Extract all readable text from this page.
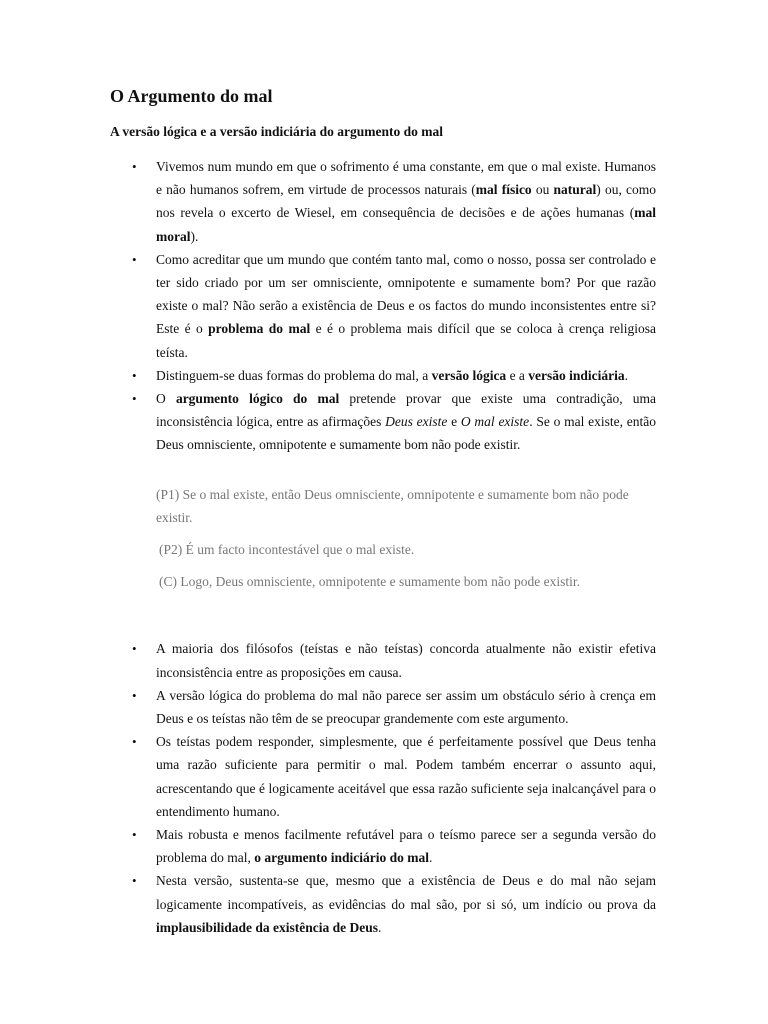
O Argumento do mal
A versão lógica e a versão indiciária do argumento do mal
• Vivemos num mundo em que o sofrimento é uma constante, em que o mal existe. Humanos e não humanos sofrem, em virtude de processos naturais (mal físico ou natural) ou, como nos revela o excerto de Wiesel, em consequência de decisões e de ações humanas (mal moral).
• Como acreditar que um mundo que contém tanto mal, como o nosso, possa ser controlado e ter sido criado por um ser omnisciente, omnipotente e sumamente bom? Por que razão existe o mal? Não serão a existência de Deus e os factos do mundo inconsistentes entre si? Este é o problema do mal e é o problema mais difícil que se coloca à crença religiosa teísta.
• Distinguem-se duas formas do problema do mal, a versão lógica e a versão indiciária.
• O argumento lógico do mal pretende provar que existe uma contradição, uma inconsistência lógica, entre as afirmações Deus existe e O mal existe. Se o mal existe, então Deus omnisciente, omnipotente e sumamente bom não pode existir.

(P1) Se o mal existe, então Deus omnisciente, omnipotente e sumamente bom não pode existir.

(P2) É um facto incontestável que o mal existe.

(C) Logo, Deus omnisciente, omnipotente e sumamente bom não pode existir.

• A maioria dos filósofos (teístas e não teístas) concorda atualmente não existir efetiva inconsistência entre as proposições em causa.
• A versão lógica do problema do mal não parece ser assim um obstáculo sério à crença em Deus e os teístas não têm de se preocupar grandemente com este argumento.
• Os teístas podem responder, simplesmente, que é perfeitamente possível que Deus tenha uma razão suficiente para permitir o mal. Podem também encerrar o assunto aqui, acrescentando que é logicamente aceitável que essa razão suficiente seja inalcançável para o entendimento humano.
• Mais robusta e menos facilmente refutável para o teísmo parece ser a segunda versão do problema do mal, o argumento indiciário do mal.
• Nesta versão, sustenta-se que, mesmo que a existência de Deus e do mal não sejam logicamente incompatíveis, as evidências do mal são, por si só, um indício ou prova da implausibilidade da existência de Deus.
